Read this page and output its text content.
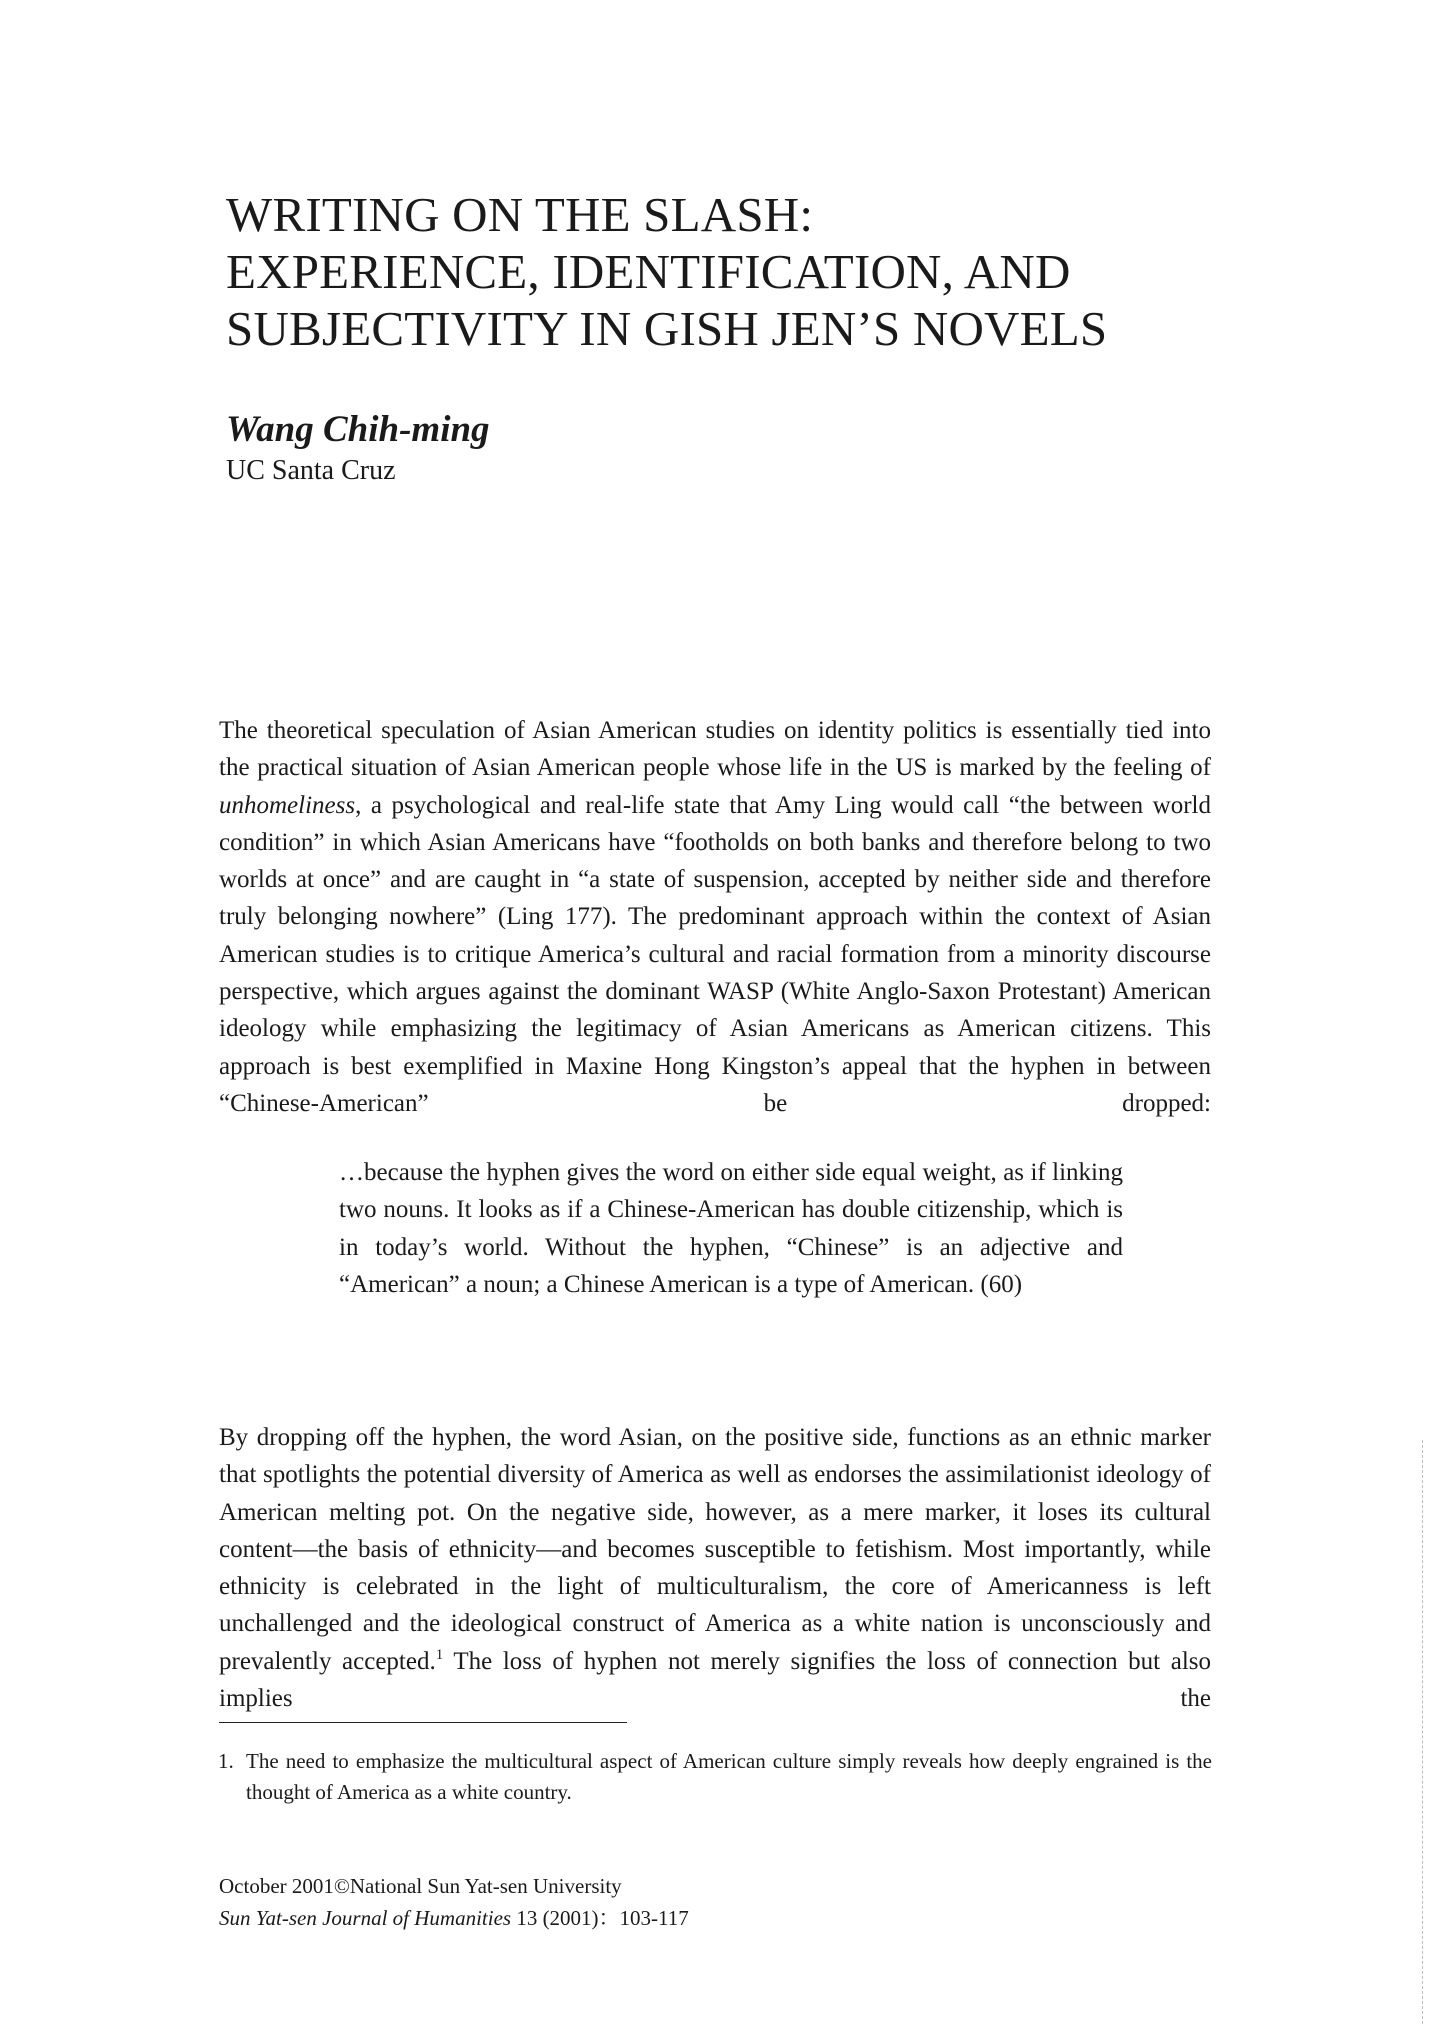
WRITING ON THE SLASH:
EXPERIENCE, IDENTIFICATION, AND
SUBJECTIVITY IN GISH JEN’S NOVELS
Wang Chih-ming
UC Santa Cruz

The theoretical speculation of Asian American studies on identity politics is essentially tied into the practical situation of Asian American people whose life in the US is marked by the feeling of unhomeliness, a psychological and real-life state that Amy Ling would call “the between world condition” in which Asian Americans have “footholds on both banks and therefore belong to two worlds at once” and are caught in “a state of suspension, accepted by neither side and therefore truly belonging nowhere” (Ling 177). The predominant approach within the context of Asian American studies is to critique America’s cultural and racial formation from a minority discourse perspective, which argues against the dominant WASP (White Anglo-Saxon Protestant) American ideology while emphasizing the legitimacy of Asian Americans as American citizens. This approach is best exemplified in Maxine Hong Kingston’s appeal that the hyphen in between “Chinese-American” be dropped:

…because the hyphen gives the word on either side equal weight, as if linking two nouns. It looks as if a Chinese-American has double citizenship, which is in today’s world. Without the hyphen, “Chinese” is an adjective and “American” a noun; a Chinese American is a type of American. (60)

By dropping off the hyphen, the word Asian, on the positive side, functions as an ethnic marker that spotlights the potential diversity of America as well as endorses the assimilationist ideology of American melting pot. On the negative side, however, as a mere marker, it loses its cultural content—the basis of ethnicity—and becomes susceptible to fetishism. Most importantly, while ethnicity is celebrated in the light of multiculturalism, the core of Americanness is left unchallenged and the ideological construct of America as a white nation is unconsciously and prevalently accepted.$^1$ The loss of hyphen not merely signifies the loss of connection but also implies the

1. The need to emphasize the multicultural aspect of American culture simply reveals how deeply engrained is the thought of America as a white country.
October 2001©National Sun Yat-sen University
Sun Yat-sen Journal of Humanities 13 (2001)：103-117
